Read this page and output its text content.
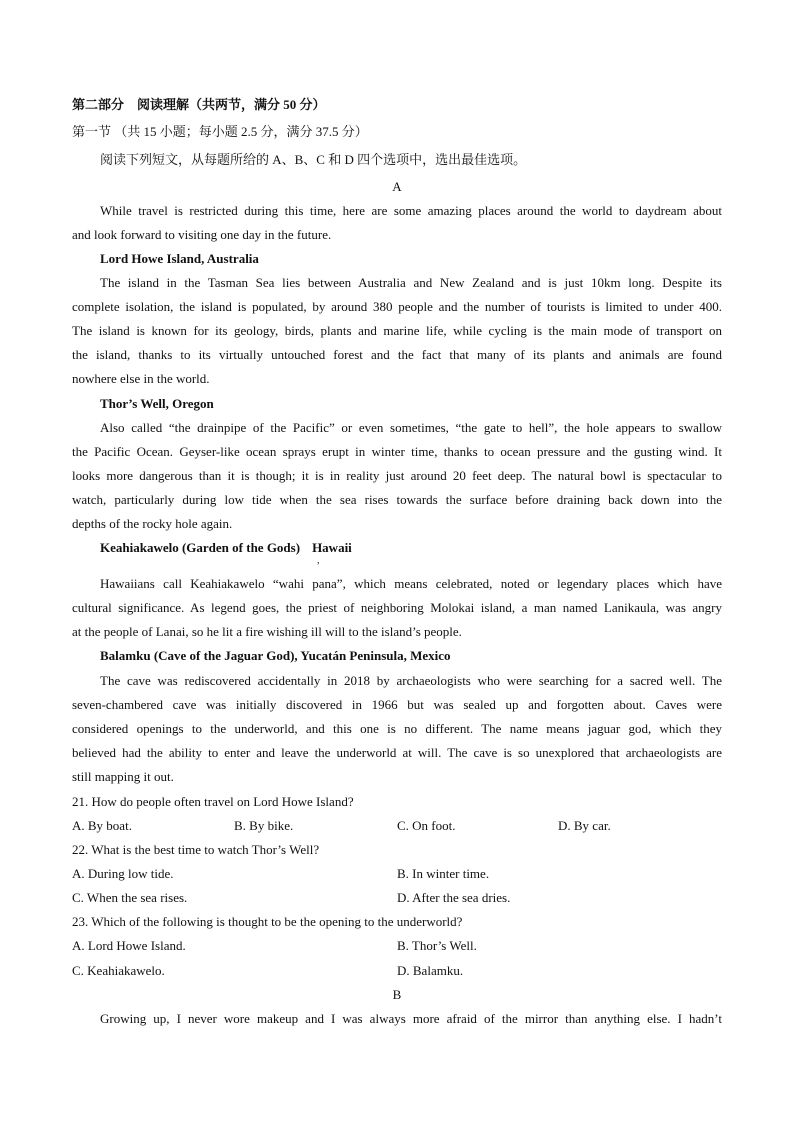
第二部分　阅读理解（共两节，满分 50 分）
第一节 （共 15 小题；每小题 2.5 分，满分 37.5 分）
阅读下列短文，从每题所给的 A、B、C 和 D 四个选项中，选出最佳选项。
A
While travel is restricted during this time, here are some amazing places around the world to daydream about
and look forward to visiting one day in the future.
Lord Howe Island, Australia
The island in the Tasman Sea lies between Australia and New Zealand and is just 10km long. Despite its
complete isolation, the island is populated, by around 380 people and the number of tourists is limited to under 400.
The island is known for its geology, birds, plants and marine life, while cycling is the main mode of transport on
the island, thanks to its virtually untouched forest and the fact that many of its plants and animals are found
nowhere else in the world.
Thor’s Well, Oregon
Also called “the drainpipe of the Pacific” or even sometimes, “the gate to hell”, the hole appears to swallow
the Pacific Ocean. Geyser-like ocean sprays erupt in winter time, thanks to ocean pressure and the gusting wind. It
looks more dangerous than it is though; it is in reality just around 20 feet deep. The natural bowl is spectacular to
watch, particularly during low tide when the sea rises towards the surface before draining back down into the
depths of the rocky hole again.
Keahiakawelo (Garden of the Gods) Hawaii
,
Hawaiians call Keahiakawelo “wahi pana”, which means celebrated, noted or legendary places which have
cultural significance. As legend goes, the priest of neighboring Molokai island, a man named Lanikaula, was angry
at the people of Lanai, so he lit a fire wishing ill will to the island’s people.
Balamku (Cave of the Jaguar God), Yucatán Peninsula, Mexico
The cave was rediscovered accidentally in 2018 by archaeologists who were searching for a sacred well. The
seven-chambered cave was initially discovered in 1966 but was sealed up and forgotten about. Caves were
considered openings to the underworld, and this one is no different. The name means jaguar god, which they
believed had the ability to enter and leave the underworld at will. The cave is so unexplored that archaeologists are
still mapping it out.
21. How do people often travel on Lord Howe Island?
A. By boat.	B. By bike.	C. On foot.	D. By car.
22. What is the best time to watch Thor’s Well?
A. During low tide.	B. In winter time.
C. When the sea rises.	D. After the sea dries.
23. Which of the following is thought to be the opening to the underworld?
A. Lord Howe Island.	B. Thor’s Well.
C. Keahiakawelo.	D. Balamku.
B
Growing up, I never wore makeup and I was always more afraid of the mirror than anything else. I hadn’t
